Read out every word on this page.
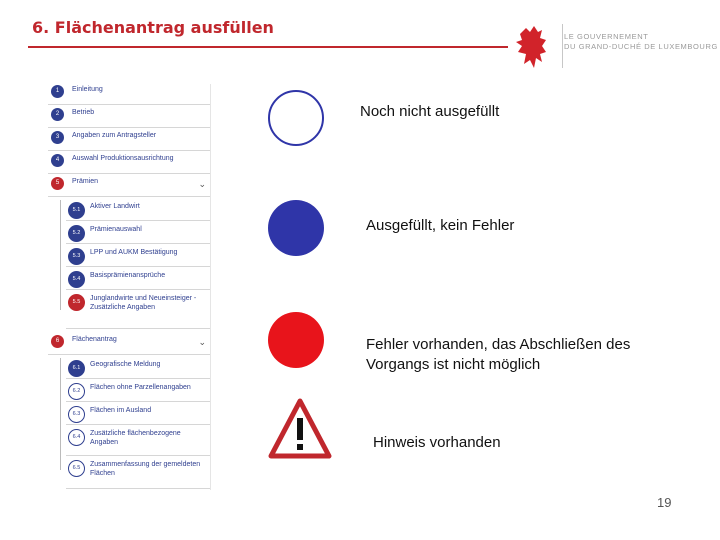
6. Flächenantrag ausfüllen	LE GOUVERNEMENT
DU GRAND-DUCHÉ DE LUXEMBOURG
1	Einleitung
2	Betrieb
3	Angaben zum Antragsteller
4	Auswahl Produktionsausrichtung
5	Prämien	⌄
5.1	Aktiver Landwirt
5.2	Prämienauswahl
5.3	LPP und AUKM Bestätigung
5.4	Basisprämienansprüche
5.5	Junglandwirte und Neueinsteiger - Zusätzliche Angaben
6	Flächenantrag	⌄
6.1	Geografische Meldung
6.2	Flächen ohne Parzellenangaben
6.3	Flächen im Ausland
6.4	Zusätzliche flächenbezogene Angaben
6.5	Zusammenfassung der gemeldeten Flächen
Noch nicht ausgefüllt
Ausgefüllt, kein Fehler
Fehler vorhanden, das Abschließen des Vorgangs ist nicht möglich
Hinweis vorhanden
19
